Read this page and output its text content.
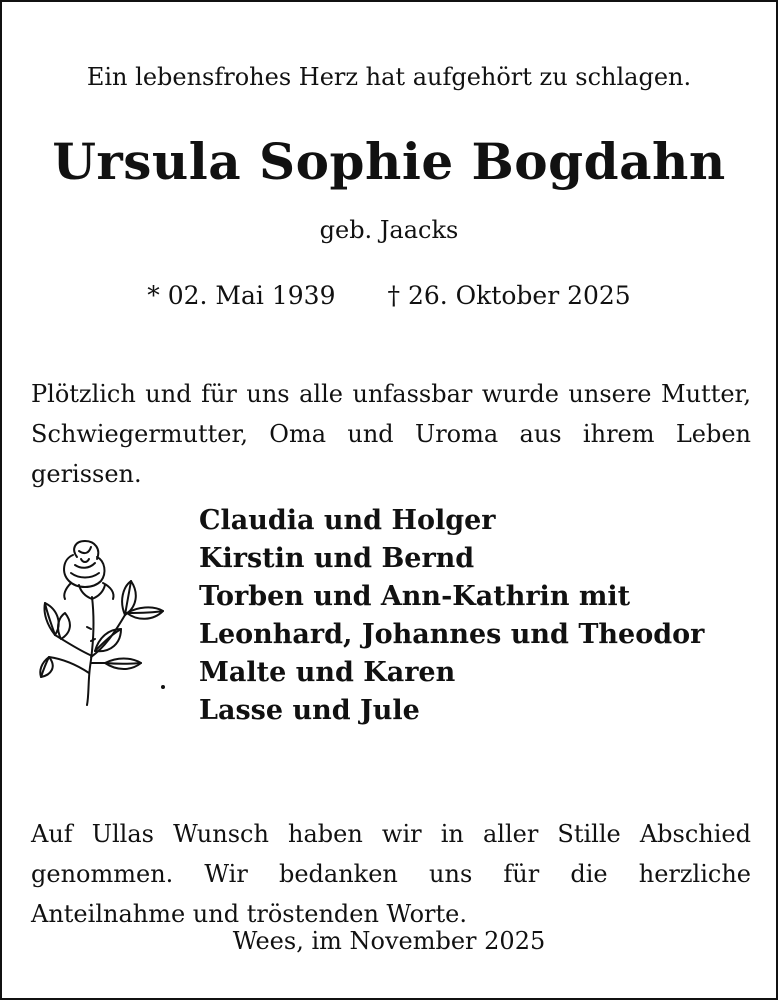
Ein lebensfrohes Herz hat aufgehört zu schlagen.
Ursula Sophie Bogdahn
geb. Jaacks
* 02. Mai 1939 † 26. Oktober 2025

Plötzlich und für uns alle unfassbar wurde unsere Mutter, Schwiegermutter, Oma und Uroma aus ihrem Leben gerissen.

Claudia und Holger
Kirstin und Bernd
Torben und Ann-Kathrin mit
Leonhard, Johannes und Theodor
Malte und Karen
Lasse und Jule

Auf Ullas Wunsch haben wir in aller Stille Abschied genommen. Wir bedanken uns für die herzliche Anteilnahme und tröstenden Worte.

Wees, im November 2025
